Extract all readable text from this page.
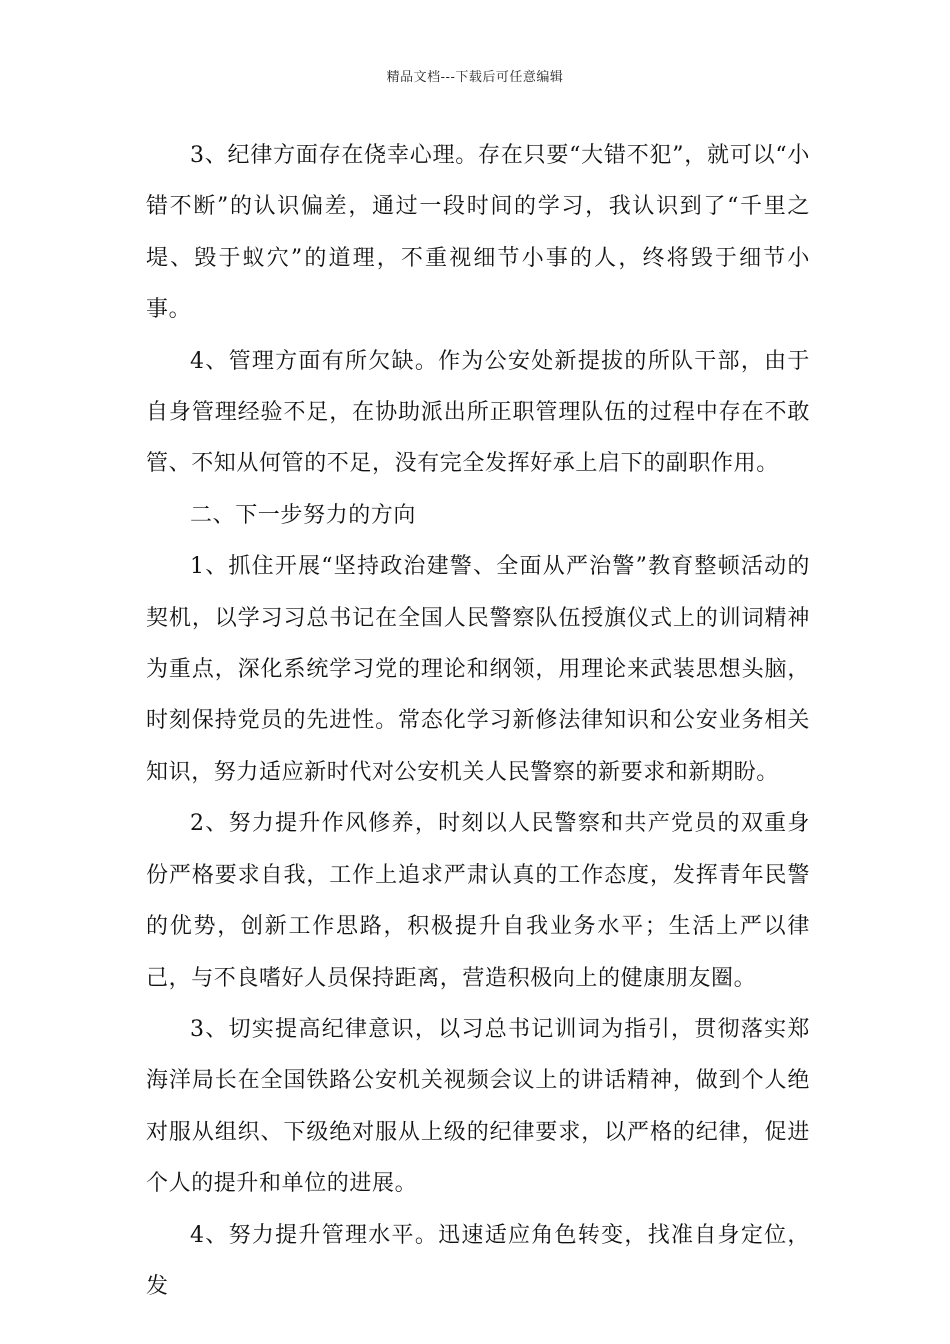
精品文档---下载后可任意编辑

3、纪律方面存在侥幸心理。存在只要“大错不犯”，就可以“小错不断”的认识偏差，通过一段时间的学习，我认识到了“千里之堤、毁于蚁穴”的道理，不重视细节小事的人，终将毁于细节小事。

4、管理方面有所欠缺。作为公安处新提拔的所队干部，由于自身管理经验不足，在协助派出所正职管理队伍的过程中存在不敢管、不知从何管的不足，没有完全发挥好承上启下的副职作用。

二、下一步努力的方向

1、抓住开展“坚持政治建警、全面从严治警”教育整顿活动的契机，以学习习总书记在全国人民警察队伍授旗仪式上的训词精神为重点，深化系统学习党的理论和纲领，用理论来武装思想头脑，时刻保持党员的先进性。常态化学习新修法律知识和公安业务相关知识，努力适应新时代对公安机关人民警察的新要求和新期盼。

2、努力提升作风修养，时刻以人民警察和共产党员的双重身份严格要求自我，工作上追求严肃认真的工作态度，发挥青年民警的优势，创新工作思路，积极提升自我业务水平；生活上严以律己，与不良嗜好人员保持距离，营造积极向上的健康朋友圈。

3、切实提高纪律意识，以习总书记训词为指引，贯彻落实郑海洋局长在全国铁路公安机关视频会议上的讲话精神，做到个人绝对服从组织、下级绝对服从上级的纪律要求，以严格的纪律，促进个人的提升和单位的进展。

4、努力提升管理水平。迅速适应角色转变，找准自身定位，发
